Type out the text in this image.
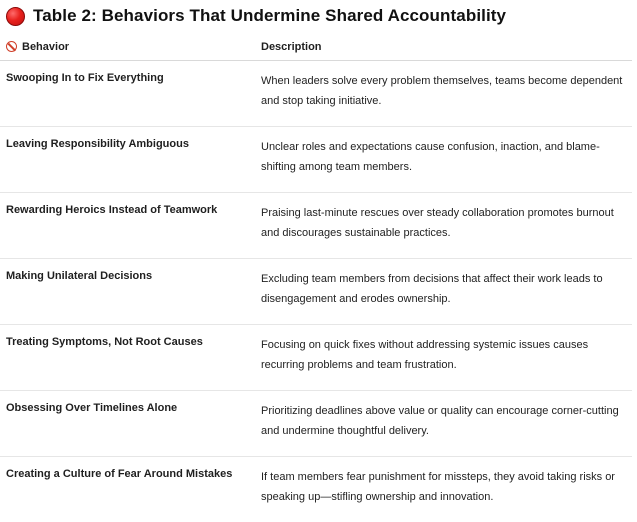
Table 2: Behaviors That Undermine Shared Accountability
Behavior	Description
Swooping In to Fix Everything	When leaders solve every problem themselves, teams become dependent and stop taking initiative.
Leaving Responsibility Ambiguous	Unclear roles and expectations cause confusion, inaction, and blame-shifting among team members.
Rewarding Heroics Instead of Teamwork	Praising last-minute rescues over steady collaboration promotes burnout and discourages sustainable practices.
Making Unilateral Decisions	Excluding team members from decisions that affect their work leads to disengagement and erodes ownership.
Treating Symptoms, Not Root Causes	Focusing on quick fixes without addressing systemic issues causes recurring problems and team frustration.
Obsessing Over Timelines Alone	Prioritizing deadlines above value or quality can encourage corner-cutting and undermine thoughtful delivery.
Creating a Culture of Fear Around Mistakes	If team members fear punishment for missteps, they avoid taking risks or speaking up—stifling ownership and innovation.
